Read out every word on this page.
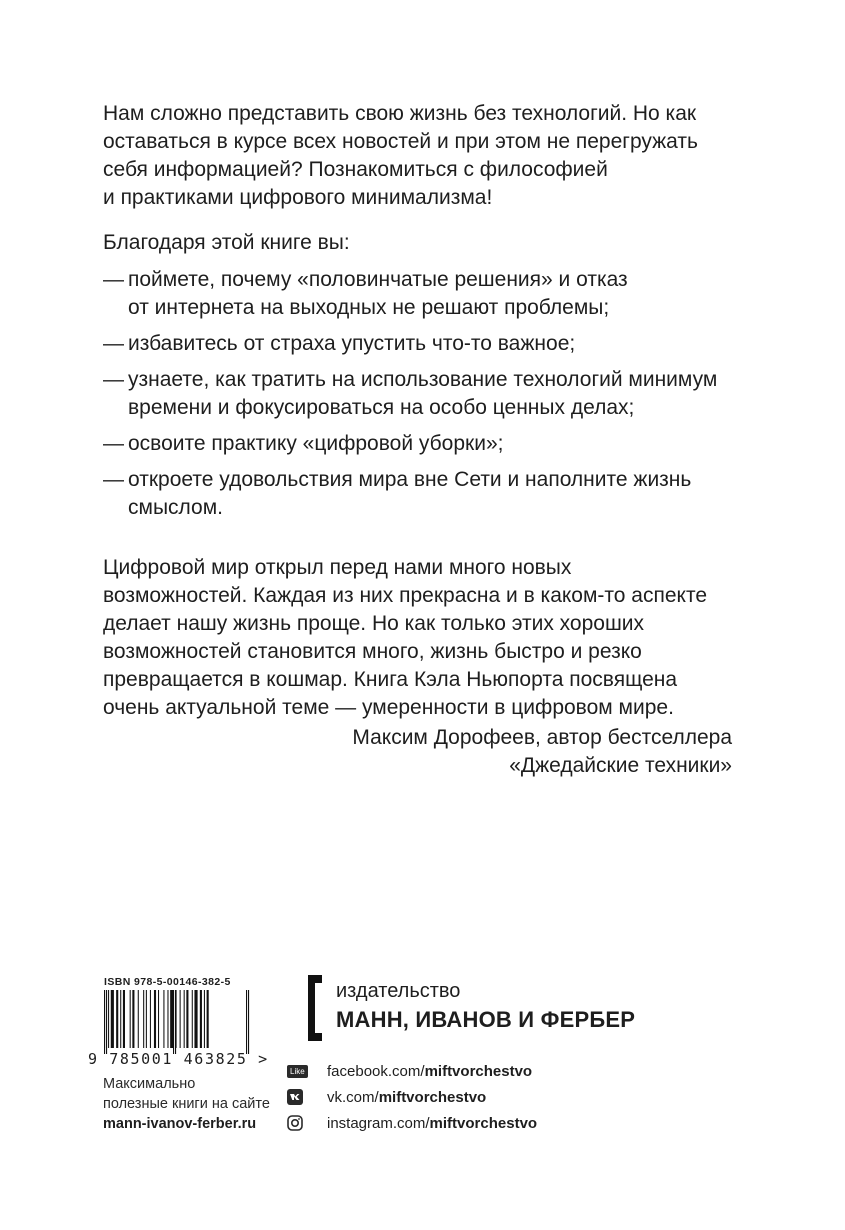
Нам сложно представить свою жизнь без технологий. Но как
оставаться в курсе всех новостей и при этом не перегружать
себя информацией? Познакомиться с философией
и практиками цифрового минимализма!

Благодаря этой книге вы:

— поймете, почему «половинчатые решения» и отказ
от интернета на выходных не решают проблемы;
— избавитесь от страха упустить что-то важное;
— узнаете, как тратить на использование технологий минимум
времени и фокусироваться на особо ценных делах;
— освоите практику «цифровой уборки»;
— откроете удовольствия мира вне Сети и наполните жизнь
смыслом.

Цифровой мир открыл перед нами много новых
возможностей. Каждая из них прекрасна и в каком-то аспекте
делает нашу жизнь проще. Но как только этих хороших
возможностей становится много, жизнь быстро и резко
превращается в кошмар. Книга Кэла Ньюпорта посвящена
очень актуальной теме — умеренности в цифровом мире.

Максим Дорофеев, автор бестселлера
«Джедайские техники»

ISBN 978-5-00146-382-5
9 785001 463825 >
Максимально
полезные книги на сайте
mann-ivanov-ferber.ru
издательство
МАНН, ИВАНОВ И ФЕРБЕР
Like facebook.com/ miftvorchestvo
vk.com/ miftvorchestvo
instagram.com/ miftvorchestvo
